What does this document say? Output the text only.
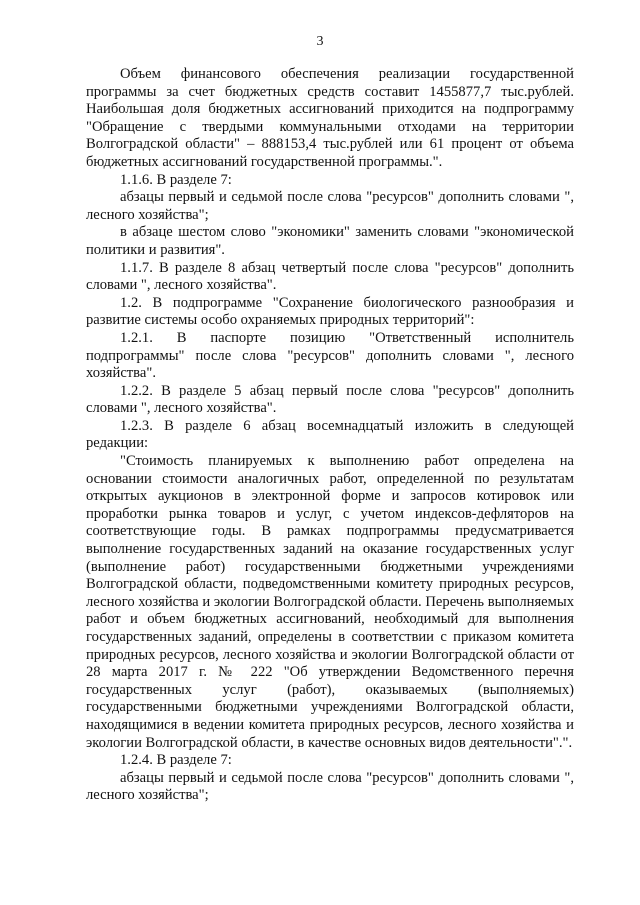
3

Объем финансового обеспечения реализации государственной программы за счет бюджетных средств составит 1455877,7 тыс.рублей. Наибольшая доля бюджетных ассигнований приходится на подпрограмму "Обращение с твердыми коммунальными отходами на территории Волгоградской области" – 888153,4 тыс.рублей или 61 процент от объема бюджетных ассигнований государственной программы.".

1.1.6. В разделе 7:

абзацы первый и седьмой после слова "ресурсов" дополнить словами ", лесного хозяйства";

в абзаце шестом слово "экономики" заменить словами "экономической политики и развития".

1.1.7. В разделе 8 абзац четвертый после слова "ресурсов" дополнить словами ", лесного хозяйства".

1.2. В подпрограмме "Сохранение биологического разнообразия и развитие системы особо охраняемых природных территорий":

1.2.1. В паспорте позицию "Ответственный исполнитель подпрограммы" после слова "ресурсов" дополнить словами ", лесного хозяйства".

1.2.2. В разделе 5 абзац первый после слова "ресурсов" дополнить словами ", лесного хозяйства".

1.2.3. В разделе 6 абзац восемнадцатый изложить в следующей редакции:

"Стоимость планируемых к выполнению работ определена на основании стоимости аналогичных работ, определенной по результатам открытых аукционов в электронной форме и запросов котировок или проработки рынка товаров и услуг, с учетом индексов-дефляторов на соответствующие годы. В рамках подпрограммы предусматривается выполнение государственных заданий на оказание государственных услуг (выполнение работ) государственными бюджетными учреждениями Волгоградской области, подведомственными комитету природных ресурсов, лесного хозяйства и экологии Волгоградской области. Перечень выполняемых работ и объем бюджетных ассигнований, необходимый для выполнения государственных заданий, определены в соответствии с приказом комитета природных ресурсов, лесного хозяйства и экологии Волгоградской области от 28 марта 2017 г. № 222 "Об утверждении Ведомственного перечня государственных услуг (работ), оказываемых (выполняемых) государственными бюджетными учреждениями Волгоградской области, находящимися в ведении комитета природных ресурсов, лесного хозяйства и экологии Волгоградской области, в качестве основных видов деятельности".".

1.2.4. В разделе 7:

абзацы первый и седьмой после слова "ресурсов" дополнить словами ", лесного хозяйства";
